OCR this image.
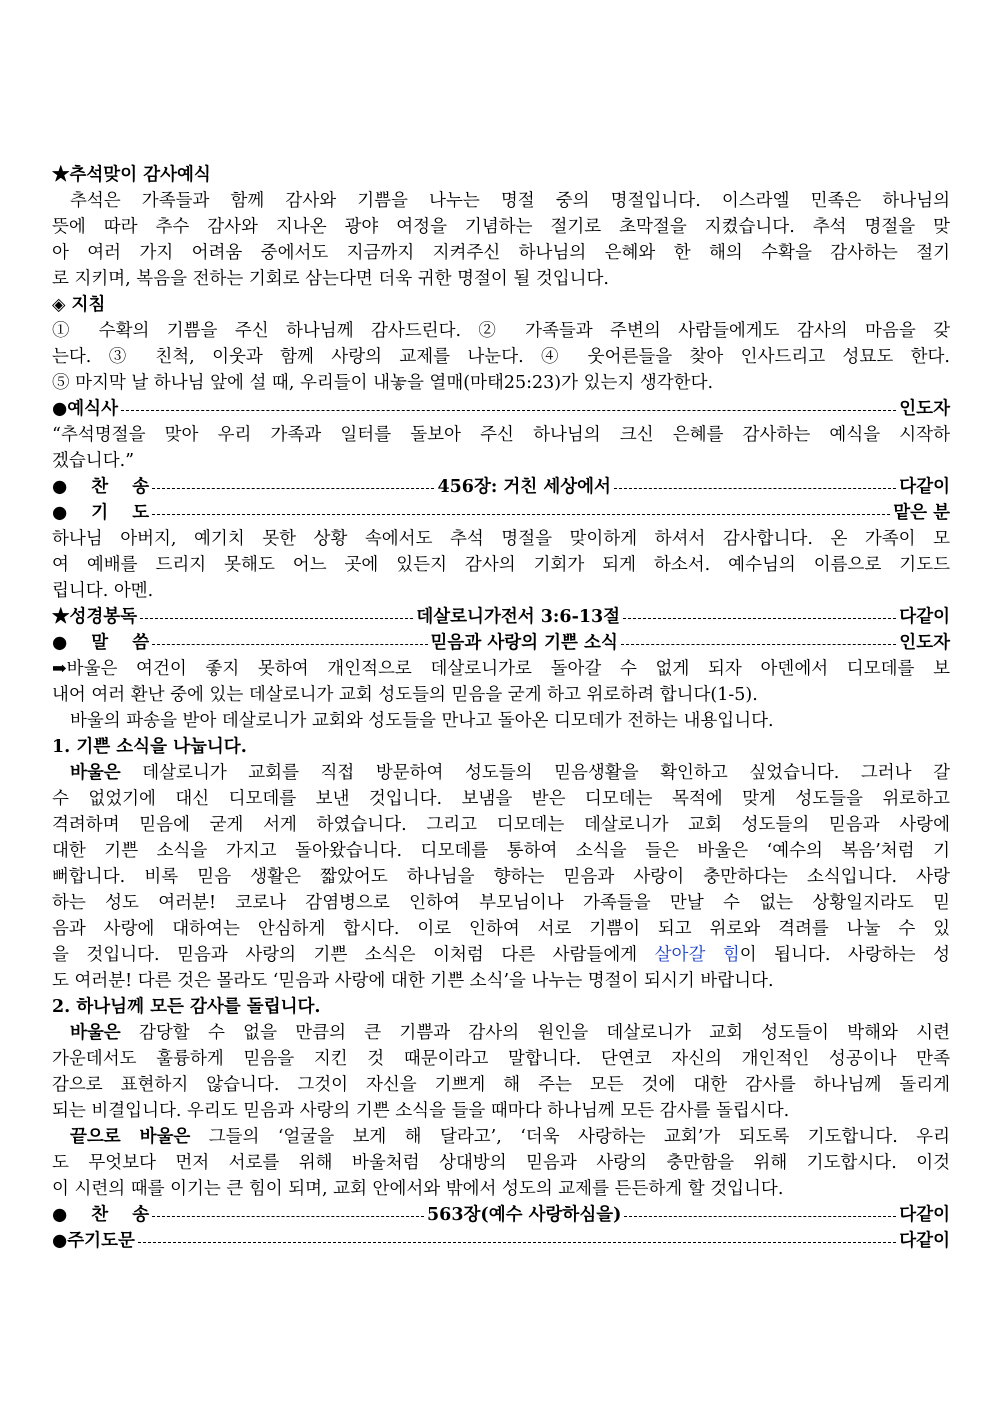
★추석맞이 감사예식
추석은 가족들과 함께 감사와 기쁨을 나누는 명절 중의 명절입니다. 이스라엘 민족은 하나님의
뜻에 따라 추수 감사와 지나온 광야 여정을 기념하는 절기로 초막절을 지켰습니다. 추석 명절을 맞
아 여러 가지 어려움 중에서도 지금까지 지켜주신 하나님의 은혜와 한 해의 수확을 감사하는 절기
로 지키며, 복음을 전하는 기회로 삼는다면 더욱 귀한 명절이 될 것입니다.
◈ 지침
① 수확의 기쁨을 주신 하나님께 감사드린다. ② 가족들과 주변의 사람들에게도 감사의 마음을 갖
는다. ③ 친척, 이웃과 함께 사랑의 교제를 나눈다. ④ 웃어른들을 찾아 인사드리고 성묘도 한다.
⑤ 마지막 날 하나님 앞에 설 때, 우리들이 내놓을 열매(마태25:23)가 있는지 생각한다.
●예식사	인도자
“추석명절을 맞아 우리 가족과 일터를 돌보아 주신 하나님의 크신 은혜를 감사하는 예식을 시작하
겠습니다.”
●찬송	456장: 거친 세상에서	다같이
●기도	맡은 분
하나님 아버지, 예기치 못한 상황 속에서도 추석 명절을 맞이하게 하셔서 감사합니다. 온 가족이 모
여 예배를 드리지 못해도 어느 곳에 있든지 감사의 기회가 되게 하소서. 예수님의 이름으로 기도드
립니다. 아멘.
★성경봉독	데살로니가전서 3:6-13절	다같이
●말씀	믿음과 사랑의 기쁜 소식	인도자
➡바울은 여건이 좋지 못하여 개인적으로 데살로니가로 돌아갈 수 없게 되자 아덴에서 디모데를 보
내어 여러 환난 중에 있는 데살로니가 교회 성도들의 믿음을 굳게 하고 위로하려 합니다(1-5).
바울의 파송을 받아 데살로니가 교회와 성도들을 만나고 돌아온 디모데가 전하는 내용입니다.
1. 기쁜 소식을 나눕니다.
바울은 데살로니가 교회를 직접 방문하여 성도들의 믿음생활을 확인하고 싶었습니다. 그러나 갈
수 없었기에 대신 디모데를 보낸 것입니다. 보냄을 받은 디모데는 목적에 맞게 성도들을 위로하고
격려하며 믿음에 굳게 서게 하였습니다. 그리고 디모데는 데살로니가 교회 성도들의 믿음과 사랑에
대한 기쁜 소식을 가지고 돌아왔습니다. 디모데를 통하여 소식을 들은 바울은 ‘예수의 복음’처럼 기
뻐합니다. 비록 믿음 생활은 짧았어도 하나님을 향하는 믿음과 사랑이 충만하다는 소식입니다. 사랑
하는 성도 여러분! 코로나 감염병으로 인하여 부모님이나 가족들을 만날 수 없는 상황일지라도 믿
음과 사랑에 대하여는 안심하게 합시다. 이로 인하여 서로 기쁨이 되고 위로와 격려를 나눌 수 있
을 것입니다. 믿음과 사랑의 기쁜 소식은 이처럼 다른 사람들에게 살아갈 힘이 됩니다. 사랑하는 성
도 여러분! 다른 것은 몰라도 ‘믿음과 사랑에 대한 기쁜 소식’을 나누는 명절이 되시기 바랍니다.
2. 하나님께 모든 감사를 돌립니다.
바울은 감당할 수 없을 만큼의 큰 기쁨과 감사의 원인을 데살로니가 교회 성도들이 박해와 시련
가운데서도 훌륭하게 믿음을 지킨 것 때문이라고 말합니다. 단연코 자신의 개인적인 성공이나 만족
감으로 표현하지 않습니다. 그것이 자신을 기쁘게 해 주는 모든 것에 대한 감사를 하나님께 돌리게
되는 비결입니다. 우리도 믿음과 사랑의 기쁜 소식을 들을 때마다 하나님께 모든 감사를 돌립시다.
끝으로 바울은 그들의 ‘얼굴을 보게 해 달라고’, ‘더욱 사랑하는 교회’가 되도록 기도합니다. 우리
도 무엇보다 먼저 서로를 위해 바울처럼 상대방의 믿음과 사랑의 충만함을 위해 기도합시다. 이것
이 시련의 때를 이기는 큰 힘이 되며, 교회 안에서와 밖에서 성도의 교제를 든든하게 할 것입니다.
●찬송	563장(예수 사랑하심을)	다같이
●주기도문	다같이
